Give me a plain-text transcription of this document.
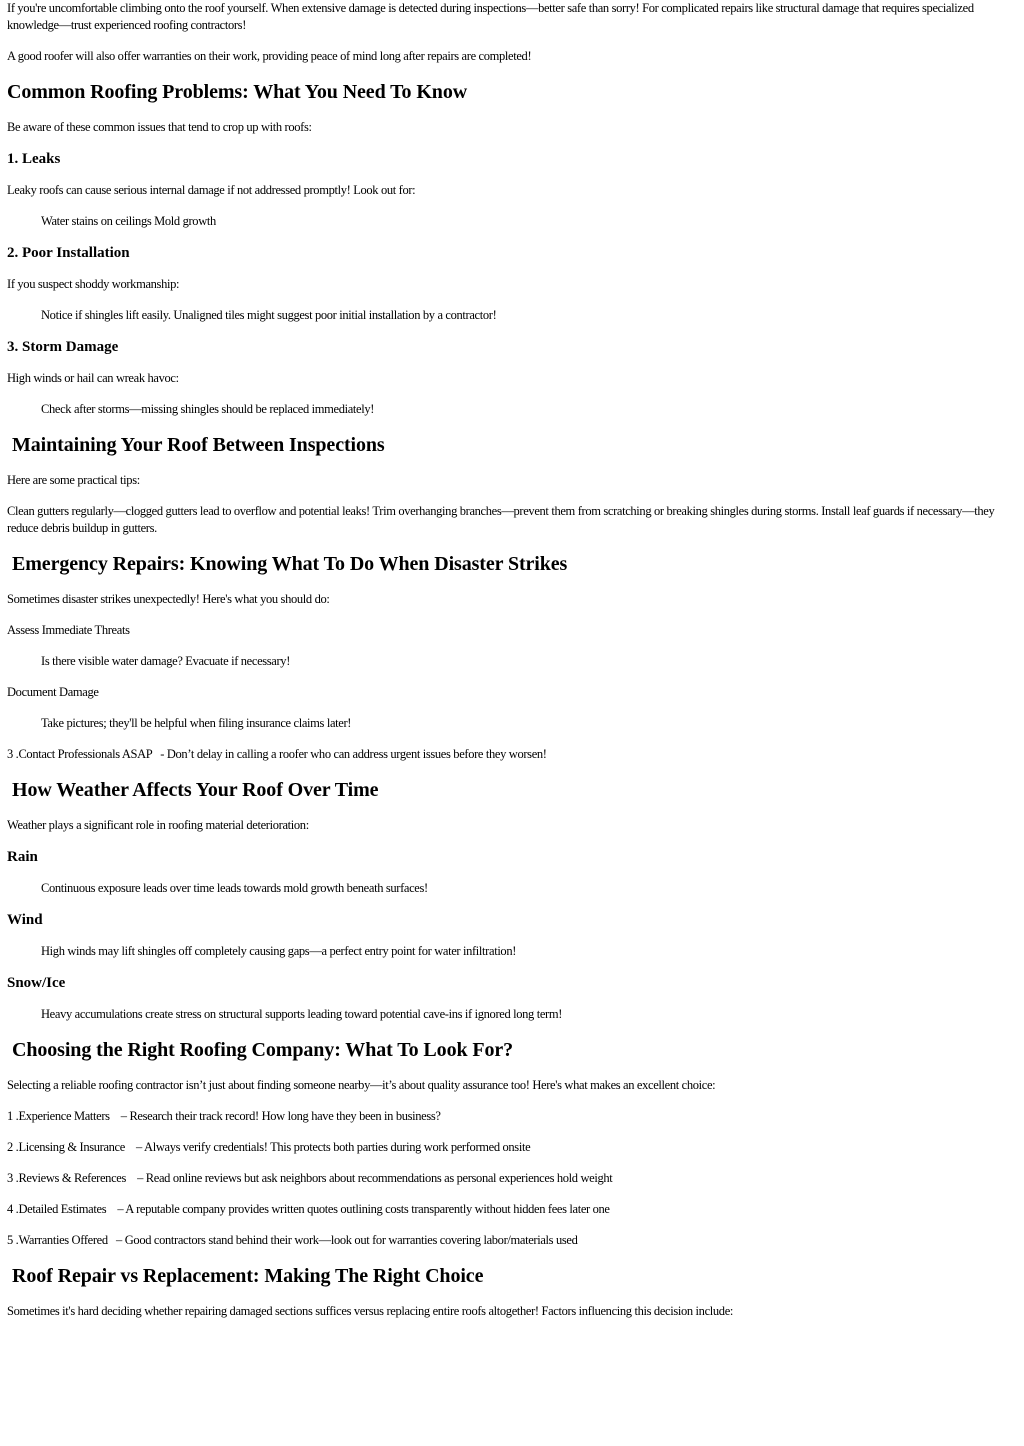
If you're uncomfortable climbing onto the roof yourself. When extensive damage is detected during inspections—better safe than sorry! For complicated repairs like structural damage that requires specialized knowledge—trust experienced roofing contractors!

A good roofer will also offer warranties on their work, providing peace of mind long after repairs are completed!

Common Roofing Problems: What You Need To Know

Be aware of these common issues that tend to crop up with roofs:

1. Leaks

Leaky roofs can cause serious internal damage if not addressed promptly! Look out for:

Water stains on ceilings Mold growth

2. Poor Installation

If you suspect shoddy workmanship:

Notice if shingles lift easily. Unaligned tiles might suggest poor initial installation by a contractor!

3. Storm Damage

High winds or hail can wreak havoc:

Check after storms—missing shingles should be replaced immediately!

Maintaining Your Roof Between Inspections

Here are some practical tips:

Clean gutters regularly—clogged gutters lead to overflow and potential leaks! Trim overhanging branches—prevent them from scratching or breaking shingles during storms. Install leaf guards if necessary—they reduce debris buildup in gutters.

Emergency Repairs: Knowing What To Do When Disaster Strikes

Sometimes disaster strikes unexpectedly! Here's what you should do:

Assess Immediate Threats

Is there visible water damage? Evacuate if necessary!

Document Damage

Take pictures; they'll be helpful when filing insurance claims later!

3 .Contact Professionals ASAP   - Don’t delay in calling a roofer who can address urgent issues before they worsen!

How Weather Affects Your Roof Over Time

Weather plays a significant role in roofing material deterioration:

Rain

Continuous exposure leads over time leads towards mold growth beneath surfaces!

Wind

High winds may lift shingles off completely causing gaps—a perfect entry point for water infiltration!

Snow/Ice

Heavy accumulations create stress on structural supports leading toward potential cave-ins if ignored long term!

Choosing the Right Roofing Company: What To Look For?

Selecting a reliable roofing contractor isn’t just about finding someone nearby—it’s about quality assurance too! Here's what makes an excellent choice:

1 .Experience Matters    – Research their track record! How long have they been in business?

2 .Licensing & Insurance    – Always verify credentials! This protects both parties during work performed onsite

3 .Reviews & References    – Read online reviews but ask neighbors about recommendations as personal experiences hold weight

4 .Detailed Estimates    – A reputable company provides written quotes outlining costs transparently without hidden fees later one

5 .Warranties Offered   – Good contractors stand behind their work—look out for warranties covering labor/materials used

Roof Repair vs Replacement: Making The Right Choice

Sometimes it's hard deciding whether repairing damaged sections suffices versus replacing entire roofs altogether! Factors influencing this decision include:
